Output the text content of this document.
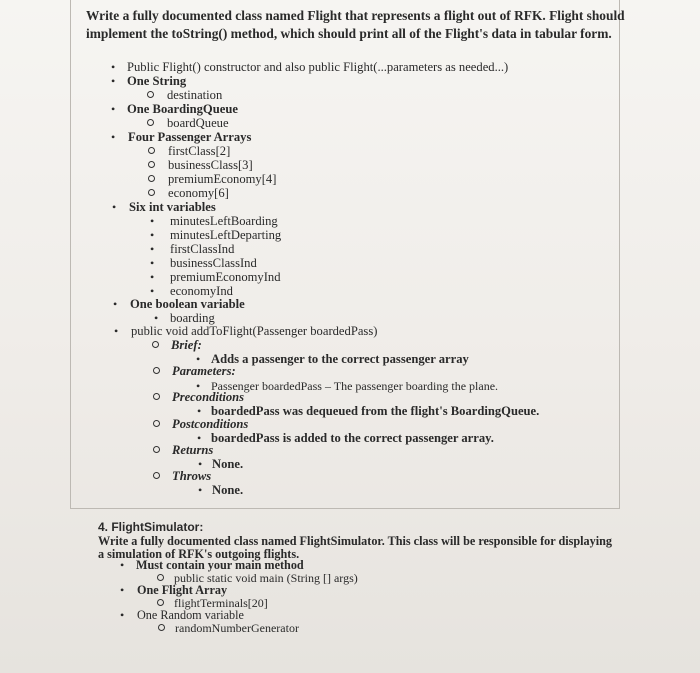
Write a fully documented class named Flight that represents a flight out of RFK. Flight should
implement the toString() method, which should print all of the Flight's data in tabular form.
• Public Flight() constructor and also public Flight(...parameters as needed...)
• One String
destination
• One BoardingQueue
boardQueue
• Four Passenger Arrays
firstClass[2]
businessClass[3]
premiumEconomy[4]
economy[6]
• Six int variables
• minutesLeftBoarding
• minutesLeftDeparting
• firstClassInd
• businessClassInd
• premiumEconomyInd
• economyInd
• One boolean variable
• boarding
• public void addToFlight(Passenger boardedPass)
Brief:
• Adds a passenger to the correct passenger array
Parameters:
• Passenger boardedPass – The passenger boarding the plane.
Preconditions
• boardedPass was dequeued from the flight's BoardingQueue.
Postconditions
• boardedPass is added to the correct passenger array.
Returns
• None.
Throws
• None.
4. FlightSimulator:
Write a fully documented class named FlightSimulator. This class will be responsible for displaying
a simulation of RFK's outgoing flights.
• Must contain your main method
public static void main (String [] args)
• One Flight Array
flightTerminals[20]
• One Random variable
randomNumberGenerator
